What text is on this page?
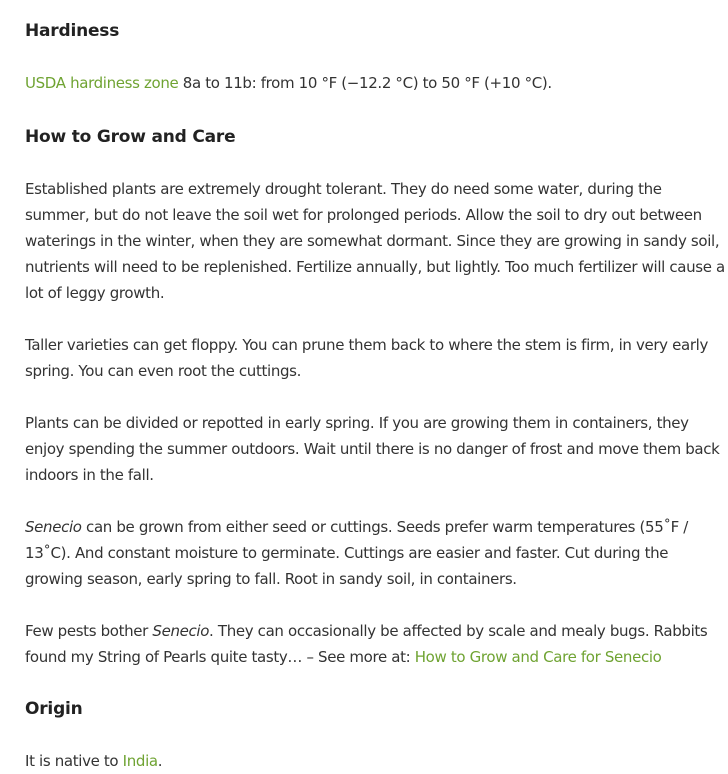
Hardiness

USDA hardiness zone 8a to 11b: from 10 °F (−12.2 °C) to 50 °F (+10 °C).

How to Grow and Care

Established plants are extremely drought tolerant. They do need some water, during the summer, but do not leave the soil wet for prolonged periods. Allow the soil to dry out between waterings in the winter, when they are somewhat dormant. Since they are growing in sandy soil, nutrients will need to be replenished. Fertilize annually, but lightly. Too much fertilizer will cause a lot of leggy growth.

Taller varieties can get floppy. You can prune them back to where the stem is firm, in very early spring. You can even root the cuttings.

Plants can be divided or repotted in early spring. If you are growing them in containers, they enjoy spending the summer outdoors. Wait until there is no danger of frost and move them back indoors in the fall.

Senecio can be grown from either seed or cuttings. Seeds prefer warm temperatures (55˚F / 13˚C). And constant moisture to germinate. Cuttings are easier and faster. Cut during the growing season, early spring to fall. Root in sandy soil, in containers.

Few pests bother Senecio. They can occasionally be affected by scale and mealy bugs. Rabbits found my String of Pearls quite tasty… – See more at: How to Grow and Care for Senecio

Origin

It is native to India.
